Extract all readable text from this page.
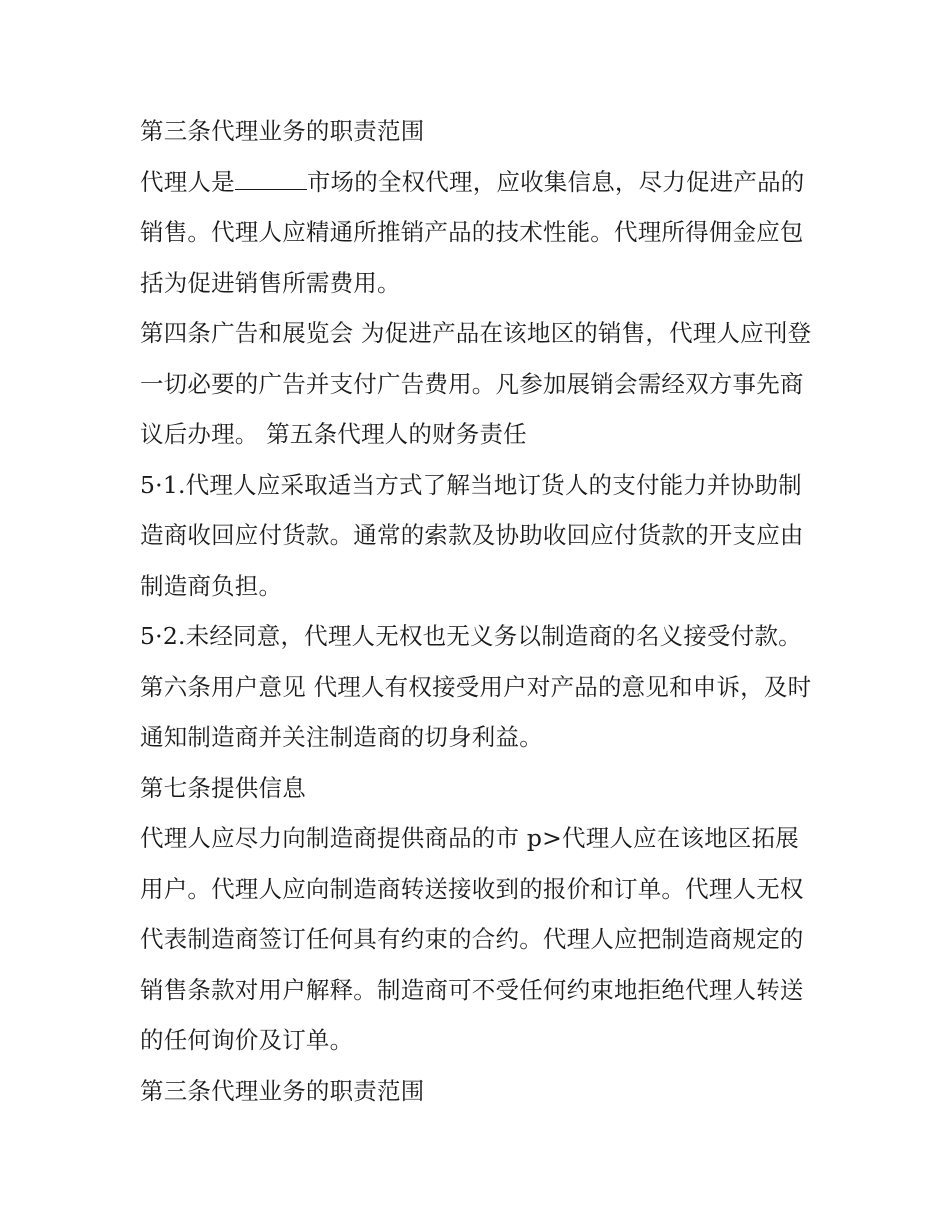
第三条代理业务的职责范围

代理人是	市场的全权代理，应收集信息，尽力促进产品的销售。代理人应精通所推销产品的技术性能。代理所得佣金应包括为促进销售所需费用。

第四条广告和展览会 为促进产品在该地区的销售，代理人应刊登一切必要的广告并支付广告费用。凡参加展销会需经双方事先商议后办理。 第五条代理人的财务责任

5·1.代理人应采取适当方式了解当地订货人的支付能力并协助制造商收回应付货款。通常的索款及协助收回应付货款的开支应由制造商负担。

5·2.未经同意，代理人无权也无义务以制造商的名义接受付款。 第六条用户意见 代理人有权接受用户对产品的意见和申诉，及时通知制造商并关注制造商的切身利益。

第七条提供信息

代理人应尽力向制造商提供商品的市 p>代理人应在该地区拓展用户。代理人应向制造商转送接收到的报价和订单。代理人无权代表制造商签订任何具有约束的合约。代理人应把制造商规定的销售条款对用户解释。制造商可不受任何约束地拒绝代理人转送的任何询价及订单。

第三条代理业务的职责范围
